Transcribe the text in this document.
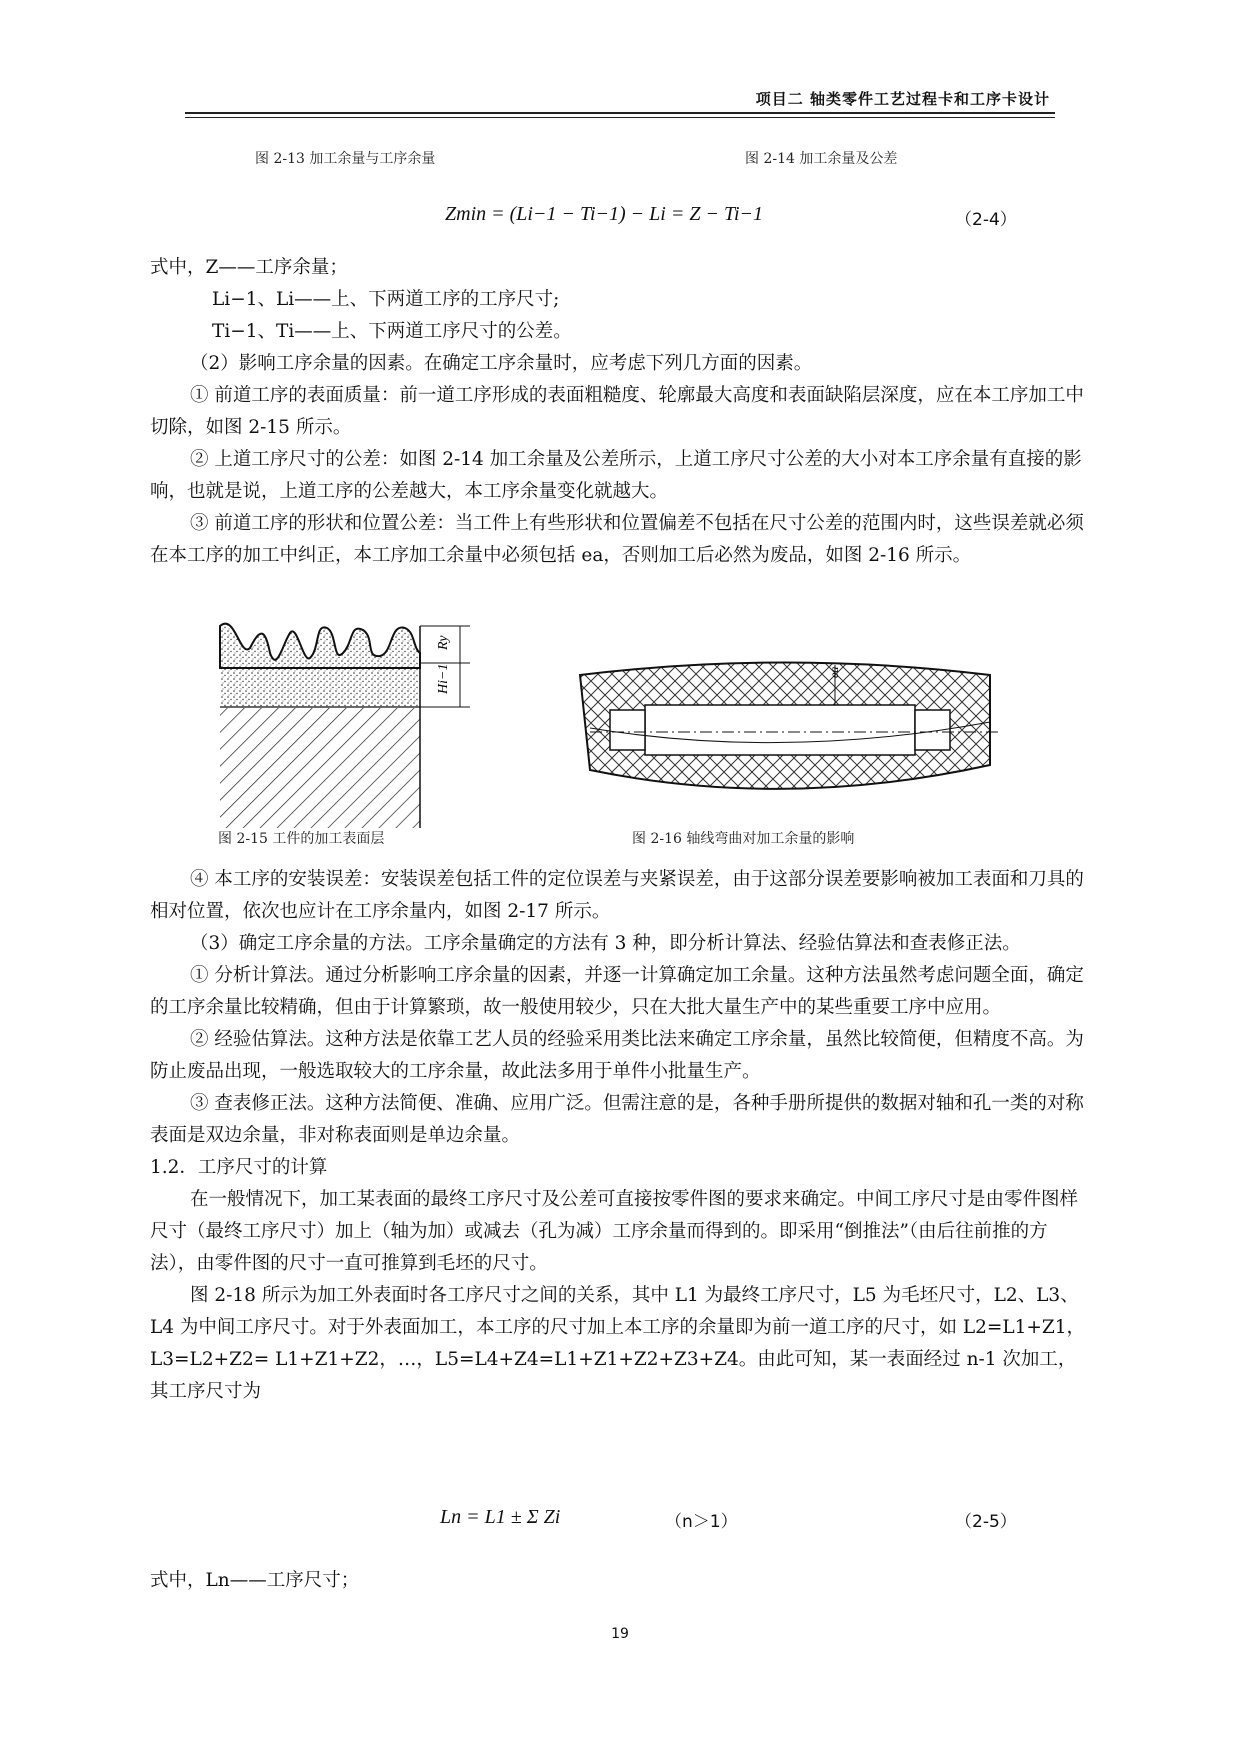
项目二 轴类零件工艺过程卡和工序卡设计
图 2-13 加工余量与工序余量	图 2-14 加工余量及公差
Zmin = (Li−1 − Ti−1) − Li = Z − Ti−1	（2-4）

式中，Z——工序余量；

Li−1、Li——上、下两道工序的工序尺寸;

Ti−1、Ti——上、下两道工序尺寸的公差。

（2）影响工序余量的因素。在确定工序余量时，应考虑下列几方面的因素。

① 前道工序的表面质量：前一道工序形成的表面粗糙度、轮廓最大高度和表面缺陷层深度，应在本工序加工中切除，如图 2-15 所示。

② 上道工序尺寸的公差：如图 2-14 加工余量及公差所示，上道工序尺寸公差的大小对本工序余量有直接的影响，也就是说，上道工序的公差越大，本工序余量变化就越大。

③ 前道工序的形状和位置公差：当工件上有些形状和位置偏差不包括在尺寸公差的范围内时，这些误差就必须在本工序的加工中纠正，本工序加工余量中必须包括 ea，否则加工后必然为废品，如图 2-16 所示。

Ry
Hi−1	ea
图 2-15 工件的加工表面层	图 2-16 轴线弯曲对加工余量的影响

④ 本工序的安装误差：安装误差包括工件的定位误差与夹紧误差，由于这部分误差要影响被加工表面和刀具的相对位置，依次也应计在工序余量内，如图 2-17 所示。

（3）确定工序余量的方法。工序余量确定的方法有 3 种，即分析计算法、经验估算法和查表修正法。

① 分析计算法。通过分析影响工序余量的因素，并逐一计算确定加工余量。这种方法虽然考虑问题全面，确定的工序余量比较精确，但由于计算繁琐，故一般使用较少，只在大批大量生产中的某些重要工序中应用。

② 经验估算法。这种方法是依靠工艺人员的经验采用类比法来确定工序余量，虽然比较简便，但精度不高。为防止废品出现，一般选取较大的工序余量，故此法多用于单件小批量生产。

③ 查表修正法。这种方法简便、准确、应用广泛。但需注意的是，各种手册所提供的数据对轴和孔一类的对称表面是双边余量，非对称表面则是单边余量。

1.2．工序尺寸的计算

在一般情况下，加工某表面的最终工序尺寸及公差可直接按零件图的要求来确定。中间工序尺寸是由零件图样尺寸（最终工序尺寸）加上（轴为加）或减去（孔为减）工序余量而得到的。即采用“倒推法”（由后往前推的方法），由零件图的尺寸一直可推算到毛坯的尺寸。

图 2-18 所示为加工外表面时各工序尺寸之间的关系，其中 L1 为最终工序尺寸，L5 为毛坯尺寸，L2、L3、L4 为中间工序尺寸。对于外表面加工，本工序的尺寸加上本工序的余量即为前一道工序的尺寸，如 L2=L1+Z1，L3=L2+Z2= L1+Z1+Z2，…，L5=L4+Z4=L1+Z1+Z2+Z3+Z4。由此可知，某一表面经过 n-1 次加工，其工序尺寸为

Ln = L1 ± Σ Zi	（n＞1）	（2-5）

式中，Ln——工序尺寸；

19
